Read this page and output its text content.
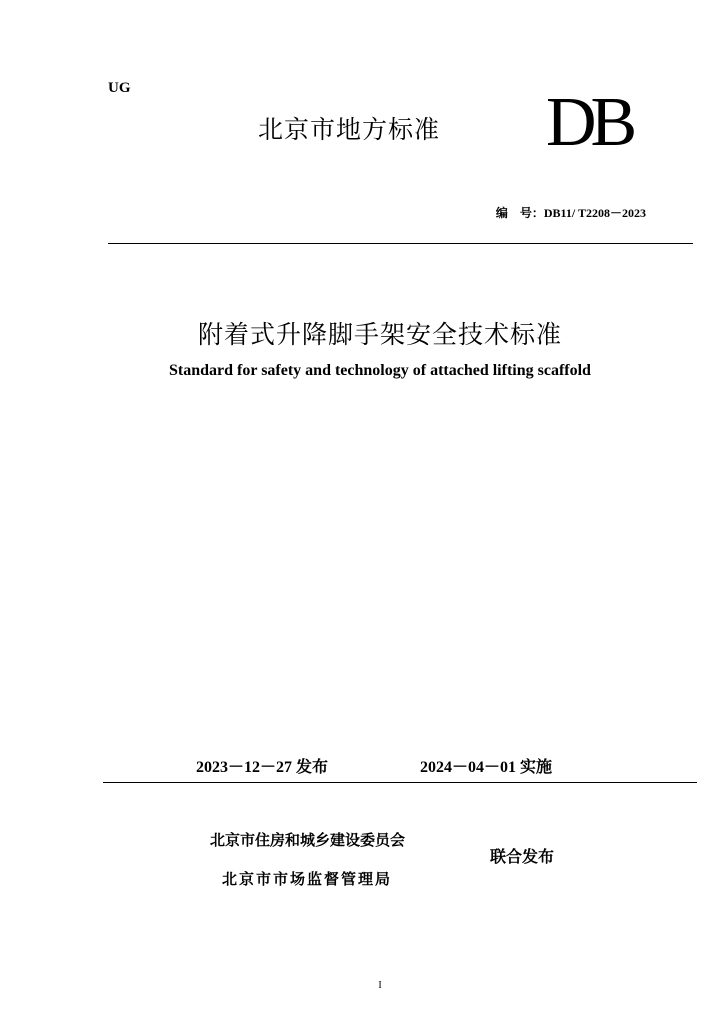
UG
北京市地方标准 DB
编　号：DB11/ T2208－2023
附着式升降脚手架安全技术标准
Standard for safety and technology of attached lifting scaffold
2023－12－27 发布	2024－04－01 实施
北京市住房和城乡建设委员会
北京市市场监督管理局
联合发布
I
